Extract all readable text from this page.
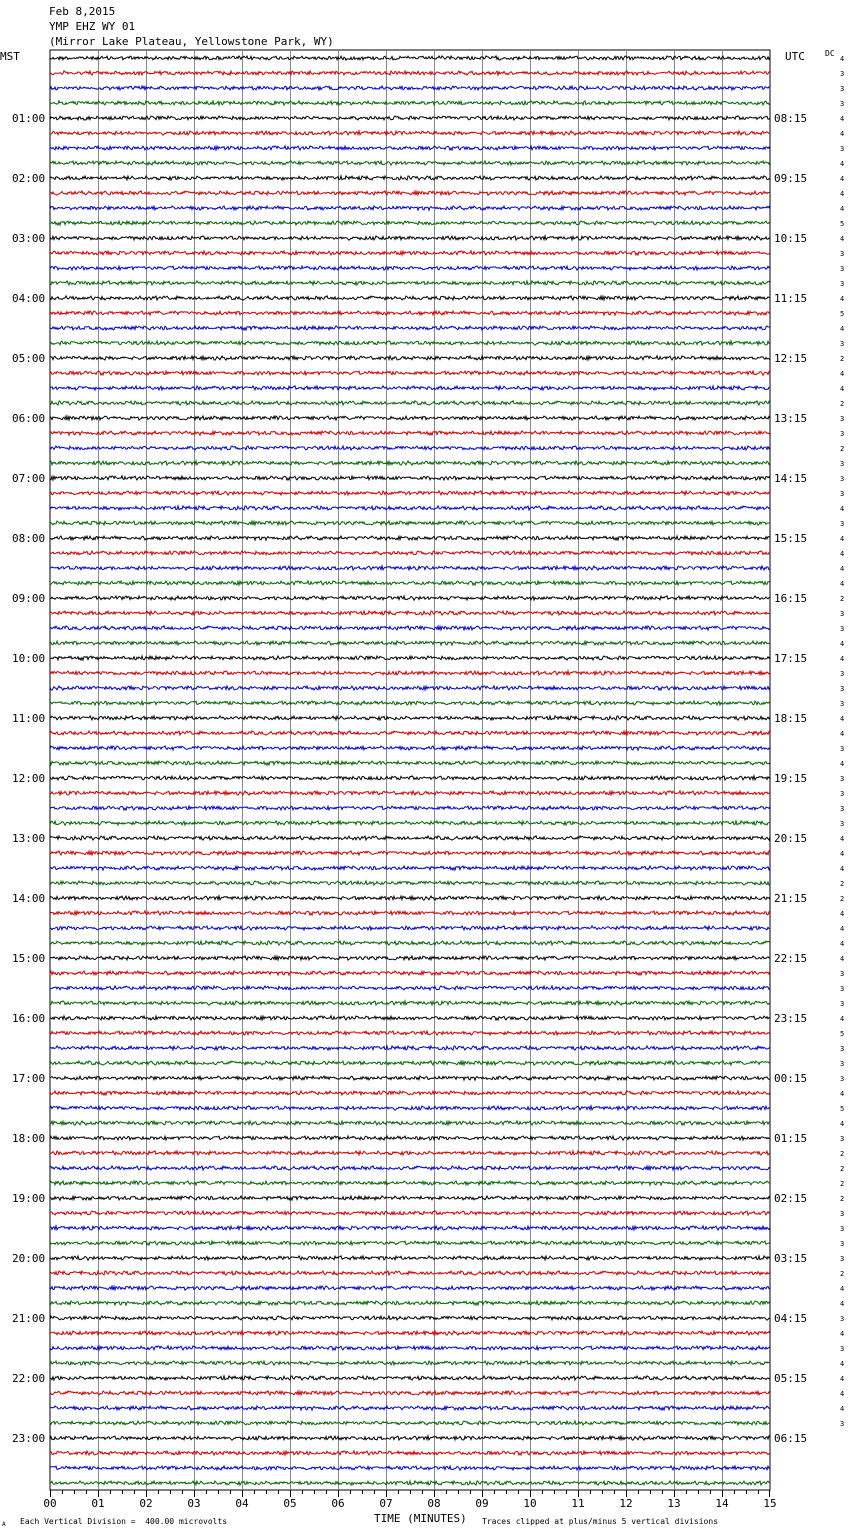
Feb 8,2015
YMP EHZ WY 01
(Mirror Lake Plateau, Yellowstone Park, WY)
MST	UTC	DC
TIME (MINUTES)
Each Vertical Division =  400.00 microvolts	Traces clipped at plus/minus 5 vertical divisions
A
4
3
3
3
4
01:00	08:15
4
3
4
4
02:00	09:15
4
4
5
4
03:00	10:15
3
3
3
4
04:00	11:15
5
4
3
2
05:00	12:15
4
4
2
3
06:00	13:15
3
2
3
3
07:00	14:15
3
4
3
4
08:00	15:15
4
4
4
2
09:00	16:15
3
3
4
4
10:00	17:15
3
3
3
4
11:00	18:15
4
3
4
3
12:00	19:15
3
3
3
4
13:00	20:15
4
4
2
2
14:00	21:15
4
4
4
4
15:00	22:15
3
3
3
4
16:00	23:15
5
3
3
3
17:00	00:15
4
5
4
3
18:00	01:15
2
2
2
2
19:00	02:15
3
3
3
3
20:00	03:15
2
4
4
3
21:00	04:15
4
3
4
4
22:00	05:15
4
4
3
23:00	06:15
00	01	02	03	04	05	06	07	08	09	10	11	12	13	14	15
